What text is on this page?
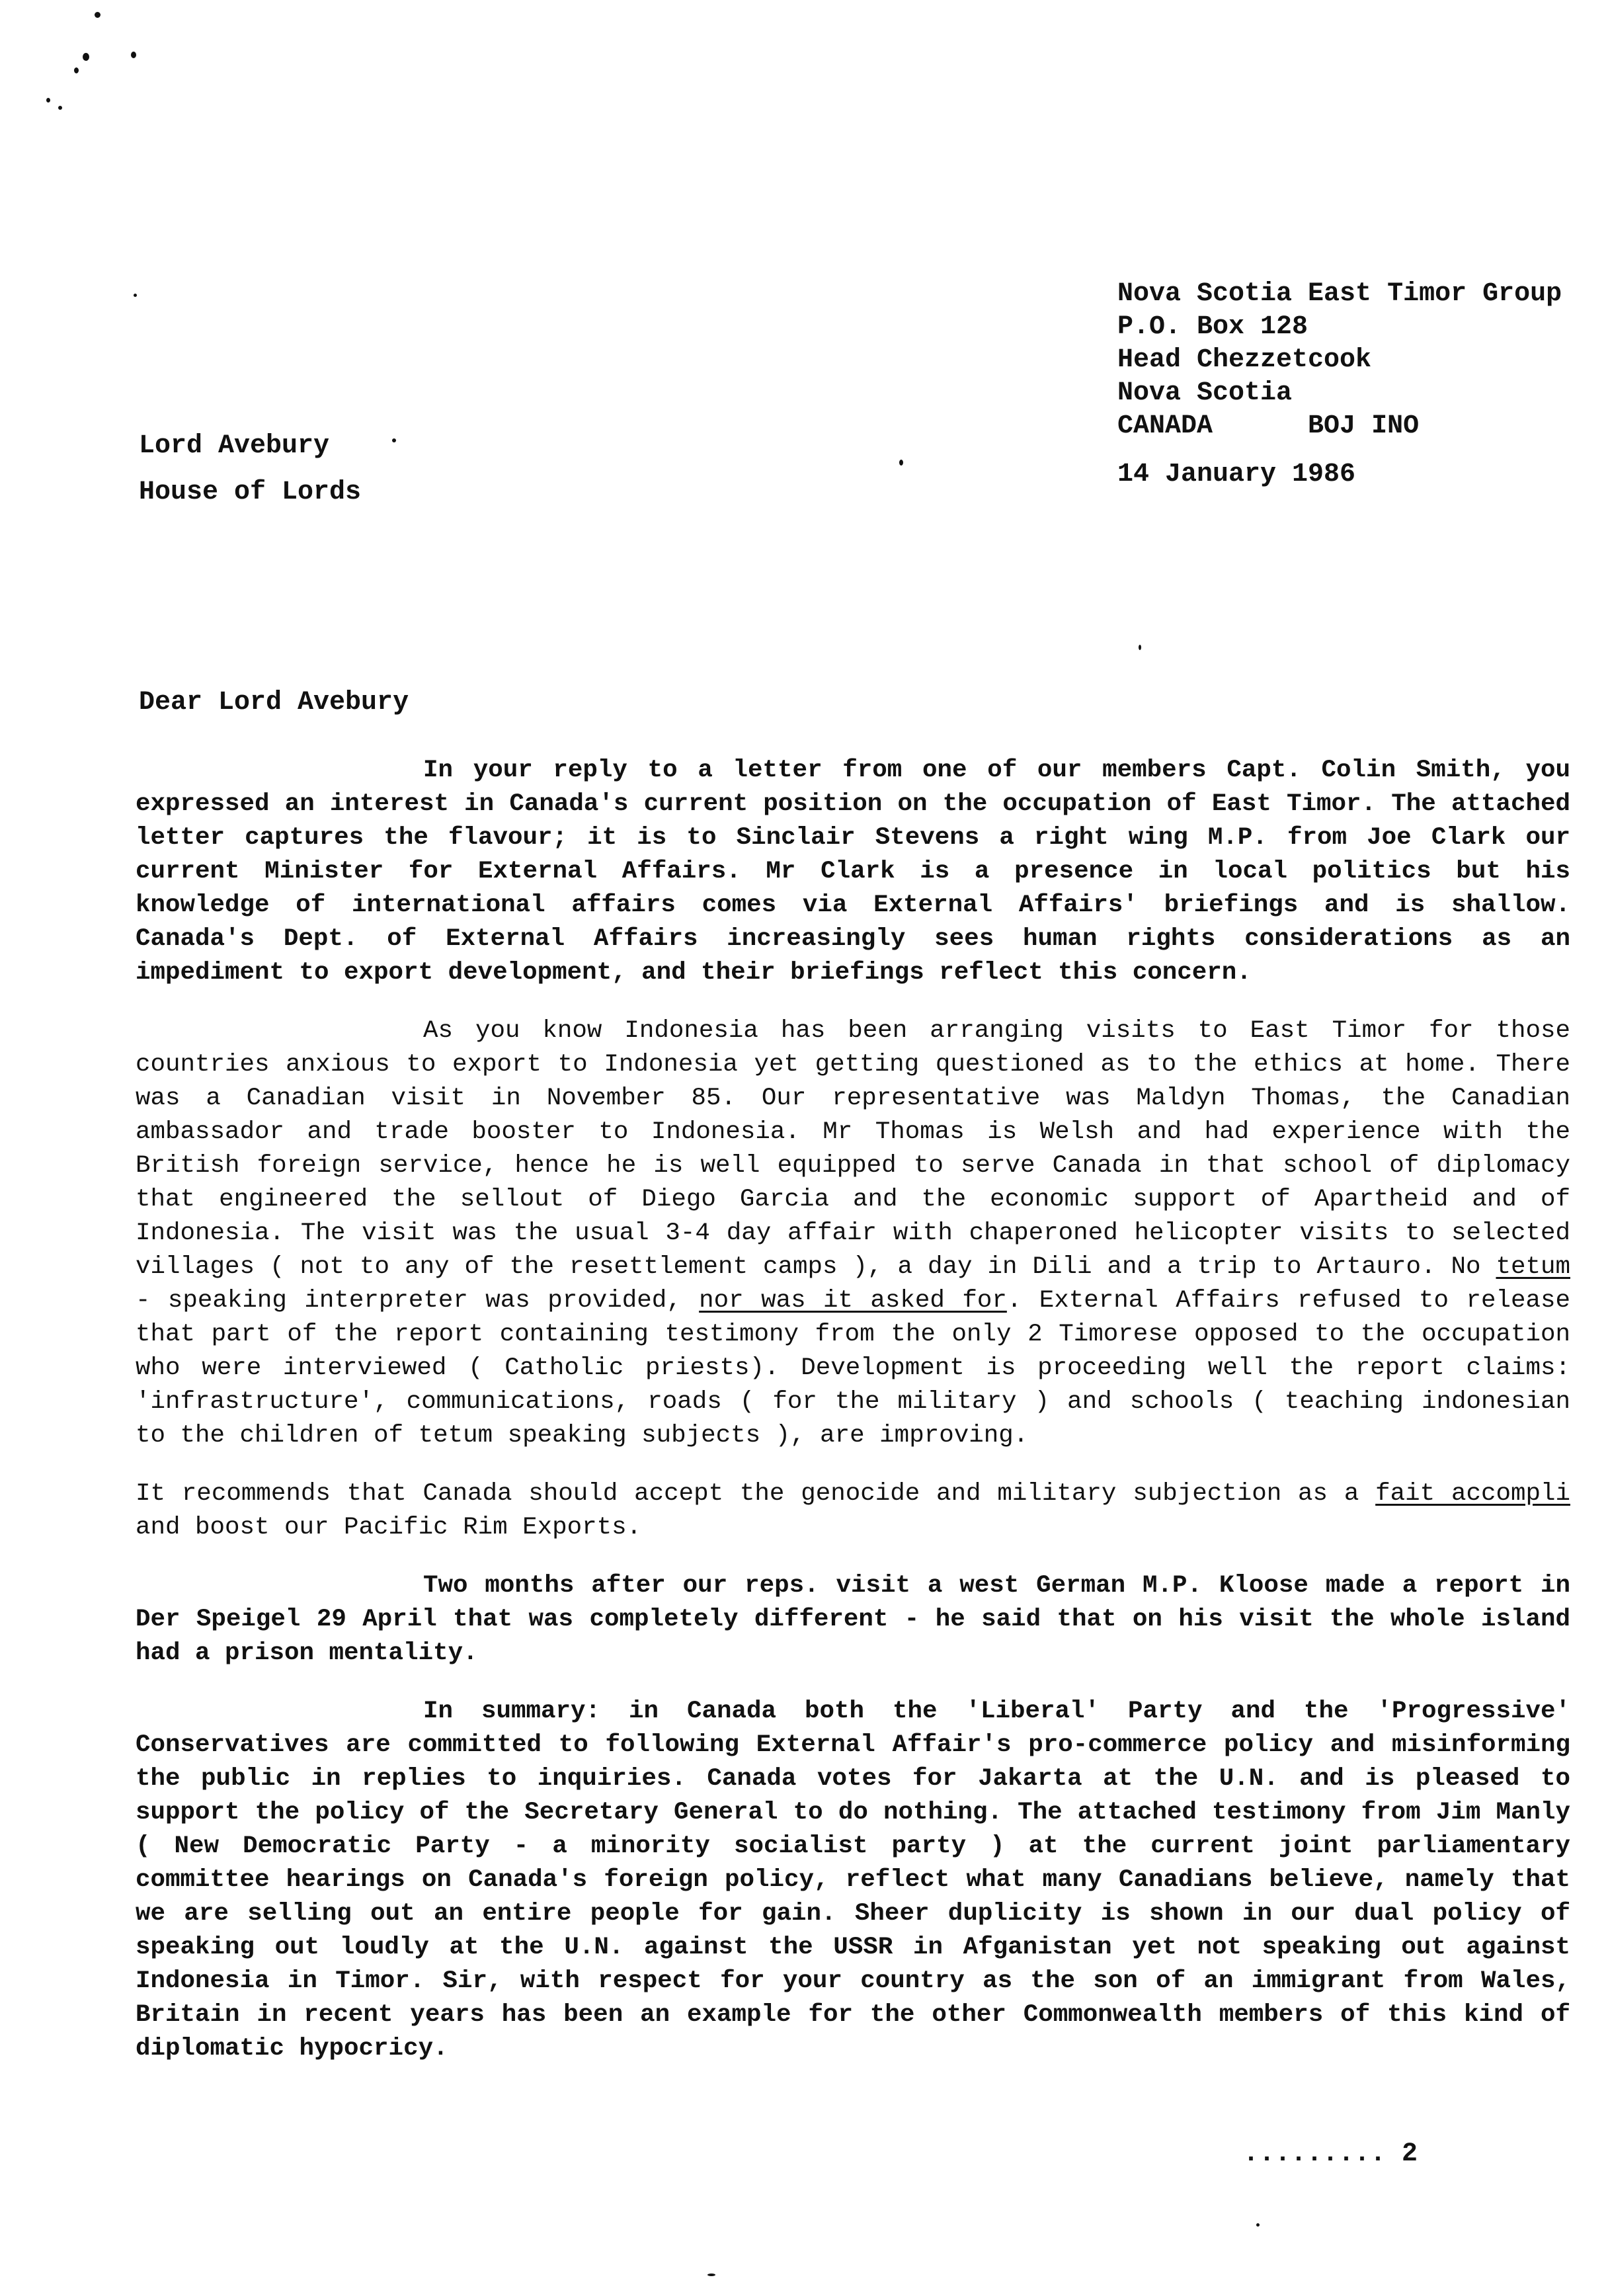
Nova Scotia East Timor Group
P.O. Box 128
Head Chezzetcook
Nova Scotia
CANADA      BOJ INO
14 January 1986
Lord Avebury
House of Lords
Dear Lord Avebury

In your reply to a letter from one of our members Capt. Colin Smith, you expressed an interest in Canada's current position on the occupation of East Timor. The attached letter captures the flavour; it is to Sinclair Stevens a right wing M.P. from Joe Clark our current Minister for External Affairs. Mr Clark is a presence in local politics but his knowledge of international affairs comes via External Affairs' briefings and is shallow. Canada's Dept. of External Affairs increasingly sees human rights considerations as an impediment to export development, and their briefings reflect this concern.

As you know Indonesia has been arranging visits to East Timor for those countries anxious to export to Indonesia yet getting questioned as to the ethics at home. There was a Canadian visit in November 85. Our representative was Maldyn Thomas, the Canadian ambassador and trade booster to Indonesia. Mr Thomas is Welsh and had experience with the British foreign service, hence he is well equipped to serve Canada in that school of diplomacy that engineered the sellout of Diego Garcia and the economic support of Apartheid and of Indonesia. The visit was the usual 3-4 day affair with chaperoned helicopter visits to selected villages ( not to any of the resettlement camps ), a day in Dili and a trip to Artauro. No tetum - speaking interpreter was provided, nor was it asked for. External Affairs refused to release that part of the report containing testimony from the only 2 Timorese opposed to the occupation who were interviewed ( Catholic priests). Development is proceeding well the report claims: 'infrastructure', communications, roads ( for the military ) and schools ( teaching indonesian to the children of tetum speaking subjects ), are improving.

It recommends that Canada should accept the genocide and military subjection as a fait accompli and boost our Pacific Rim Exports.

Two months after our reps. visit a west German M.P. Kloose made a report in Der Speigel 29 April that was completely different - he said that on his visit the whole island had a prison mentality.

In summary: in Canada both the 'Liberal' Party and the 'Progressive' Conservatives are committed to following External Affair's pro-commerce policy and misinforming the public in replies to inquiries. Canada votes for Jakarta at the U.N. and is pleased to support the policy of the Secretary General to do nothing. The attached testimony from Jim Manly ( New Democratic Party - a minority socialist party ) at the current joint parliamentary committee hearings on Canada's foreign policy, reflect what many Canadians believe, namely that we are selling out an entire people for gain. Sheer duplicity is shown in our dual policy of speaking out loudly at the U.N. against the USSR in Afganistan yet not speaking out against Indonesia in Timor. Sir, with respect for your country as the son of an immigrant from Wales, Britain in recent years has been an example for the other Commonwealth members of this kind of diplomatic hypocricy.

......... 2
